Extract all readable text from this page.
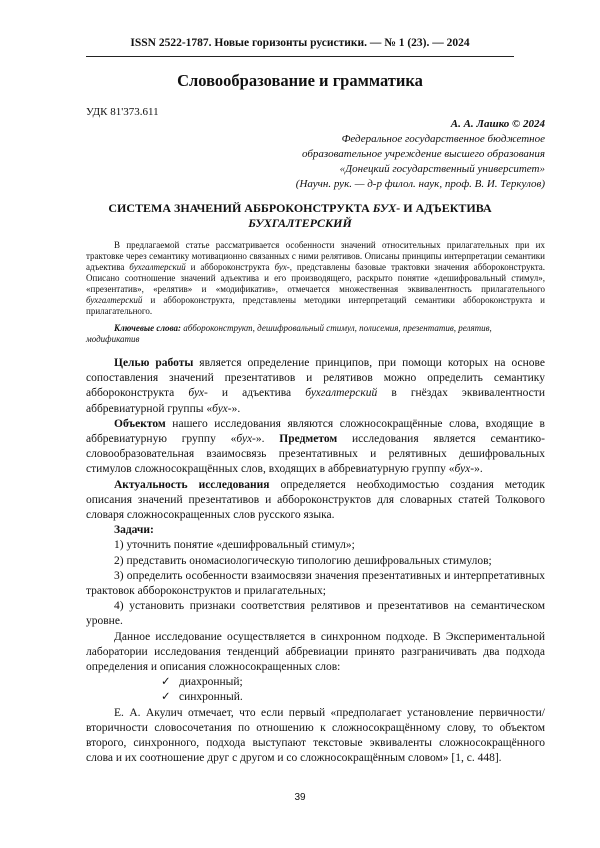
ISSN 2522-1787. Новые горизонты русистики. — № 1 (23). — 2024
Словообразование и грамматика
УДК 81'373.611
А. А. Лашко © 2024
Федеральное государственное бюджетное
образовательное учреждение высшего образования
«Донецкий государственный университет»
(Научн. рук. — д-р филол. наук, проф. В. И. Теркулов)
СИСТЕМА ЗНАЧЕНИЙ АББРОКОНСТРУКТА БУХ- И АДЪЕКТИВА
БУХГАЛТЕРСКИЙ

В предлагаемой статье рассматривается особенности значений относительных прилагательных при их трактовке через семантику мотивационно связанных с ними релятивов. Описаны принципы интерпретации семантики адъектива бухгалтерский и аббороконструкта бух-, представлены базовые трактовки значения аббороконструкта. Описано соотношение значений адъектива и его производящего, раскрыто понятие «дешифровальный стимул», «презентатив», «релятив» и «модификатив», отмечается множественная эквивалентность прилагательного бухгалтерский и аббороконструкта, представлены методики интерпретаций семантики аббороконструкта и прилагательного.

Ключевые слова: аббороконструкт, дешифровальный стимул, полисемия, презентатив, релятив, модификатив

Целью работы является определение принципов, при помощи которых на основе сопоставления значений презентативов и релятивов можно определить семантику аббороконструкта бух- и адъектива бухгалтерский в гнёздах эквивалентности аббревиатурной группы «бух-».

Объектом нашего исследования являются сложносокращённые слова, входящие в аббревиатурную группу «бух-». Предметом исследования является семантико-словообразовательная взаимосвязь презентативных и релятивных дешифровальных стимулов сложносокращённых слов, входящих в аббревиатурную группу «бух-».

Актуальность исследования определяется необходимостью создания методик описания значений презентативов и аббороконструктов для словарных статей Толкового словаря сложносокращенных слов русского языка.

Задачи:

1) уточнить понятие «дешифровальный стимул»;

2) представить ономасиологическую типологию дешифровальных стимулов;

3) определить особенности взаимосвязи значения презентативных и интерпретативных трактовок аббороконструктов и прилагательных;

4) установить признаки соответствия релятивов и презентативов на семантическом уровне.

Данное исследование осуществляется в синхронном подходе. В Экспериментальной лаборатории исследования тенденций аббревиации принято разграничивать два подхода определения и описания сложносокращенных слов:

✓ диахронный;
✓ синхронный.

Е. А. Акулич отмечает, что если первый «предполагает установление первичности/вторичности словосочетания по отношению к сложносокращённому слову, то объектом второго, синхронного, подхода выступают текстовые эквиваленты сложносокращённого слова и их соотношение друг с другом и со сложносокращённым словом» [1, с. 448].

39
